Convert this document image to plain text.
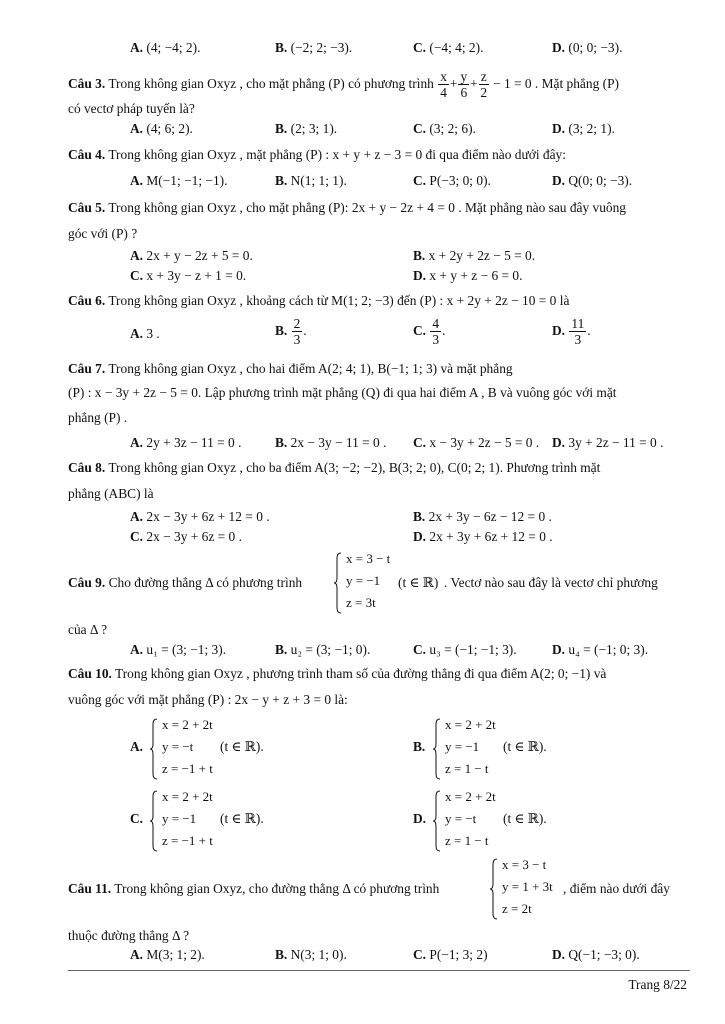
A. (4; −4; 2).	B. (−2; 2; −3).	C. (−4; 4; 2).	D. (0; 0; −3).
Câu 3. Trong không gian Oxyz , cho mặt phẳng (P) có phương trình $\frac{x}{4} + \frac{y}{6} + \frac{z}{2} - 1 = 0$ . Mặt phẳng (P)
có vectơ pháp tuyến là?
A. (4; 6; 2).	B. (2; 3; 1).	C. (3; 2; 6).	D. (3; 2; 1).
Câu 4. Trong không gian Oxyz , mặt phẳng (P) : x + y + z − 3 = 0 đi qua điểm nào dưới đây:
A. M(−1; −1; −1).	B. N(1; 1; 1).	C. P(−3; 0; 0).	D. Q(0; 0; −3).
Câu 5. Trong không gian Oxyz , cho mặt phẳng (P): 2x + y − 2z + 4 = 0 . Mặt phẳng nào sau đây vuông
góc với (P) ?
A. 2x + y − 2z + 5 = 0.	B. x + 2y + 2z − 5 = 0.
C. x + 3y − z + 1 = 0.	D. x + y + z − 6 = 0.
Câu 6. Trong không gian Oxyz , khoảng cách từ M(1; 2; −3) đến (P) : x + 2y + 2z − 10 = 0 là
A. 3 .	B. $\frac{2}{3}$ .	C. $\frac{4}{3}$ .	D. $\frac{11}{3}$ .
Câu 7. Trong không gian Oxyz , cho hai điểm A(2; 4; 1), B(−1; 1; 3) và mặt phẳng
(P) : x − 3y + 2z − 5 = 0. Lập phương trình mặt phẳng (Q) đi qua hai điểm A , B và vuông góc với mặt
phẳng (P) .
A. 2y + 3z − 11 = 0 .	B. 2x − 3y − 11 = 0 . C. x − 3y + 2z − 5 = 0 . D. 3y + 2z − 11 = 0 .
Câu 8. Trong không gian Oxyz , cho ba điểm A(3; −2; −2), B(3; 2; 0), C(0; 2; 1). Phương trình mặt
phẳng (ABC) là
A. 2x − 3y + 6z + 12 = 0 .	B. 2x + 3y − 6z − 12 = 0 .
C. 2x − 3y + 6z = 0 .	D. 2x + 3y + 6z + 12 = 0 .
Câu 9. Cho đường thẳng Δ có phương trình
x = 3 − t
y = −1
z = 3t
(t ∈ ℝ) . Vectơ nào sau đây là vectơ chỉ phương
của Δ ?
A. u₁ = (3; −1; 3).	B. u₂ = (3; −1; 0).	C. u₃ = (−1; −1; 3).	D. u₄ = (−1; 0; 3).
Câu 10. Trong không gian Oxyz , phương trình tham số của đường thẳng đi qua điểm A(2; 0; −1) và
vuông góc với mặt phẳng (P) : 2x − y + z + 3 = 0 là:
A.
x = 2 + 2t
y = −t
z = −1 + t
(t ∈ ℝ).	B.
x = 2 + 2t
y = −1
z = 1 − t
(t ∈ ℝ).
C.
x = 2 + 2t
y = −1
z = −1 + t
(t ∈ ℝ).	D.
x = 2 + 2t
y = −t
z = 1 − t
(t ∈ ℝ).
Câu 11. Trong không gian Oxyz, cho đường thẳng Δ có phương trình
x = 3 − t
y = 1 + 3t
z = 2t
, điểm nào dưới đây
thuộc đường thẳng Δ ?
A. M(3; 1; 2).	B. N(3; 1; 0).	C. P(−1; 3; 2)	D. Q(−1; −3; 0).
Trang 8/22
